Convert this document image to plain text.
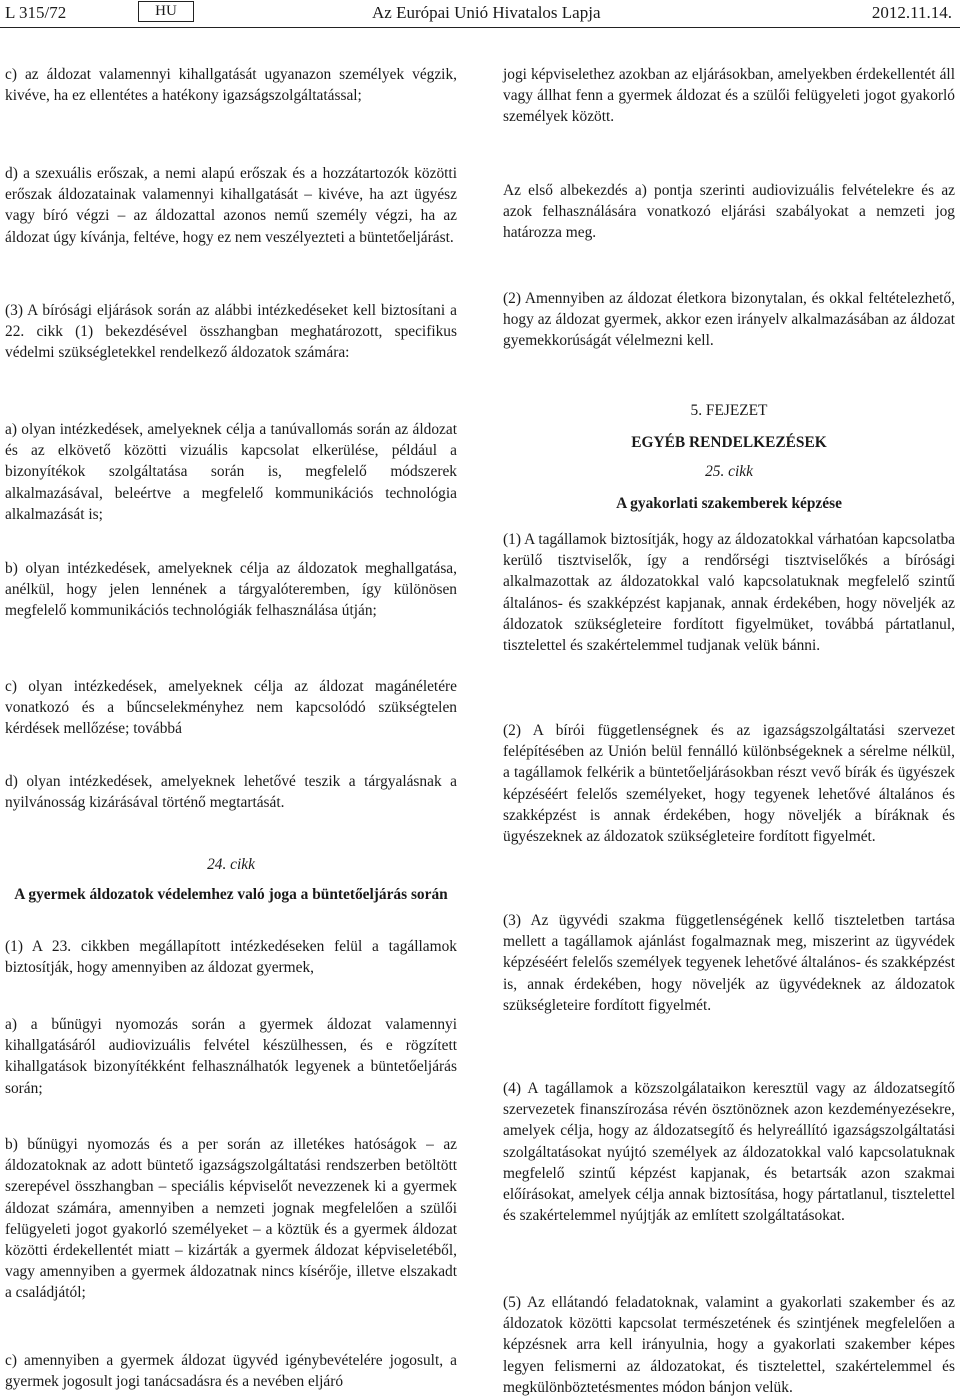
L 315/72	HU	Az Európai Unió Hivatalos Lapja	2012.11.14.

c) az áldozat valamennyi kihallgatását ugyanazon személyek végzik, kivéve, ha ez ellentétes a hatékony igazságszolgáltatással;

d) a szexuális erőszak, a nemi alapú erőszak és a hozzátartozók közötti erőszak áldozatainak valamennyi kihallgatását – kivéve, ha azt ügyész vagy bíró végzi – az áldozattal azonos nemű személy végzi, ha az áldozat úgy kívánja, feltéve, hogy ez nem veszélyezteti a büntetőeljárást.

(3) A bírósági eljárások során az alábbi intézkedéseket kell biztosítani a 22. cikk (1) bekezdésével összhangban meghatározott, specifikus védelmi szükségletekkel rendelkező áldozatok számára:

a) olyan intézkedések, amelyeknek célja a tanúvallomás során az áldozat és az elkövető közötti vizuális kapcsolat elkerülése, például a bizonyítékok szolgáltatása során is, megfelelő módszerek alkalmazásával, beleértve a megfelelő kommunikációs technológia alkalmazását is;

b) olyan intézkedések, amelyeknek célja az áldozatok meghallgatása, anélkül, hogy jelen lennének a tárgyalóteremben, így különösen megfelelő kommunikációs technológiák felhasználása útján;

c) olyan intézkedések, amelyeknek célja az áldozat magánéletére vonatkozó és a bűncselekményhez nem kapcsolódó szükségtelen kérdések mellőzése; továbbá

d) olyan intézkedések, amelyeknek lehetővé teszik a tárgyalásnak a nyilvánosság kizárásával történő megtartását.

24. cikk

A gyermek áldozatok védelemhez való joga a büntetőeljárás során

(1) A 23. cikkben megállapított intézkedéseken felül a tagállamok biztosítják, hogy amennyiben az áldozat gyermek,

a) a bűnügyi nyomozás során a gyermek áldozat valamennyi kihallgatásáról audiovizuális felvétel készülhessen, és e rögzített kihallgatások bizonyítékként felhasználhatók legyenek a büntetőeljárás során;

b) bűnügyi nyomozás és a per során az illetékes hatóságok – az áldozatoknak az adott büntető igazságszolgáltatási rendszerben betöltött szerepével összhangban – speciális képviselőt nevezzenek ki a gyermek áldozat számára, amennyiben a nemzeti jognak megfelelően a szülői felügyeleti jogot gyakorló személyeket – a köztük és a gyermek áldozat közötti érdekellentét miatt – kizárták a gyermek áldozat képviseletéből, vagy amennyiben a gyermek áldozatnak nincs kísérője, illetve elszakadt a családjától;

c) amennyiben a gyermek áldozat ügyvéd igénybevételére jogosult, a gyermek jogosult jogi tanácsadásra és a nevében eljáró

jogi képviselethez azokban az eljárásokban, amelyekben érdekellentét áll vagy állhat fenn a gyermek áldozat és a szülői felügyeleti jogot gyakorló személyek között.

Az első albekezdés a) pontja szerinti audiovizuális felvételekre és az azok felhasználására vonatkozó eljárási szabályokat a nemzeti jog határozza meg.

(2) Amennyiben az áldozat életkora bizonytalan, és okkal feltételezhető, hogy az áldozat gyermek, akkor ezen irányelv alkalmazásában az áldozat gyemekkorúságát vélelmezni kell.

5. FEJEZET

EGYÉB RENDELKEZÉSEK

25. cikk

A gyakorlati szakemberek képzése

(1) A tagállamok biztosítják, hogy az áldozatokkal várhatóan kapcsolatba kerülő tisztviselők, így a rendőrségi tisztviselőkés a bírósági alkalmazottak az áldozatokkal való kapcsolatuknak megfelelő szintű általános- és szakképzést kapjanak, annak érdekében, hogy növeljék az áldozatok szükségleteire fordított figyelmüket, továbbá pártatlanul, tisztelettel és szakértelemmel tudjanak velük bánni.

(2) A bírói függetlenségnek és az igazságszolgáltatási szervezet felépítésében az Unión belül fennálló különbségeknek a sérelme nélkül, a tagállamok felkérik a büntetőeljárásokban részt vevő bírák és ügyészek képzéséért felelős személyeket, hogy tegyenek lehetővé általános és szakképzést is annak érdekében, hogy növeljék a bíráknak és ügyészeknek az áldozatok szükségleteire fordított figyelmét.

(3) Az ügyvédi szakma függetlenségének kellő tiszteletben tartása mellett a tagállamok ajánlást fogalmaznak meg, miszerint az ügyvédek képzéséért felelős személyek tegyenek lehetővé általános- és szakképzést is, annak érdekében, hogy növeljék az ügyvédeknek az áldozatok szükségleteire fordított figyelmét.

(4) A tagállamok a közszolgálataikon keresztül vagy az áldozatsegítő szervezetek finanszírozása révén ösztönöznek azon kezdeményezésekre, amelyek célja, hogy az áldozatsegítő és helyreállító igazságszolgáltatási szolgáltatásokat nyújtó személyek az áldozatokkal való kapcsolatuknak megfelelő szintű képzést kapjanak, és betartsák azon szakmai előírásokat, amelyek célja annak biztosítása, hogy pártatlanul, tisztelettel és szakértelemmel nyújtják az említett szolgáltatásokat.

(5) Az ellátandó feladatoknak, valamint a gyakorlati szakember és az áldozatok közötti kapcsolat természetének és szintjének megfelelően a képzésnek arra kell irányulnia, hogy a gyakorlati szakember képes legyen felismerni az áldozatokat, és tisztelettel, szakértelemmel és megkülönböztetésmentes módon bánjon velük.
